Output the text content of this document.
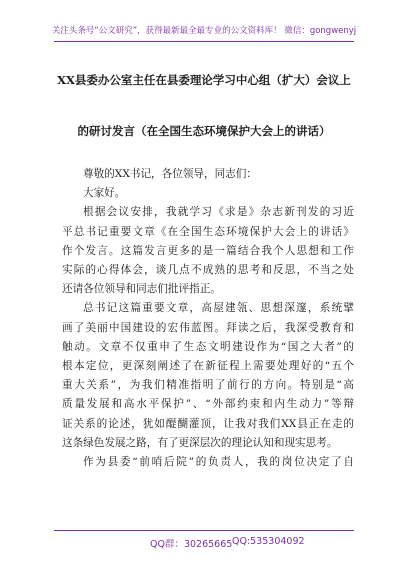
关注头条号“公文研究”，获得最新最全最专业的公文资料库！ 微信：gongwenyj
XX县委办公室主任在县委理论学习中心组（扩大）会议上
的研讨发言（在全国生态环境保护大会上的讲话）
尊敬的XX书记，各位领导，同志们：
大家好。
根据会议安排，我就学习《求是》杂志新刊发的习近
平总书记重要文章《在全国生态环境保护大会上的讲话》
作个发言。这篇发言更多的是一篇结合我个人思想和工作
实际的心得体会，谈几点不成熟的思考和反思，不当之处
还请各位领导和同志们批评指正。
总书记这篇重要文章，高屋建瓴、思想深邃，系统擘
画了美丽中国建设的宏伟蓝图。拜读之后，我深受教育和
触动。文章不仅重申了生态文明建设作为“国之大者”的
根本定位，更深刻阐述了在新征程上需要处理好的“五个
重大关系”，为我们精准指明了前行的方向。特别是“高
质量发展和高水平保护”、“外部约束和内生动力”等辩
证关系的论述，犹如醍醐灌顶，让我对我们XX县正在走的
这条绿色发展之路，有了更深层次的理论认知和现实思考。
作为县委“前哨后院”的负责人，我的岗位决定了自
QQ群：30265665 QQ:535304092
